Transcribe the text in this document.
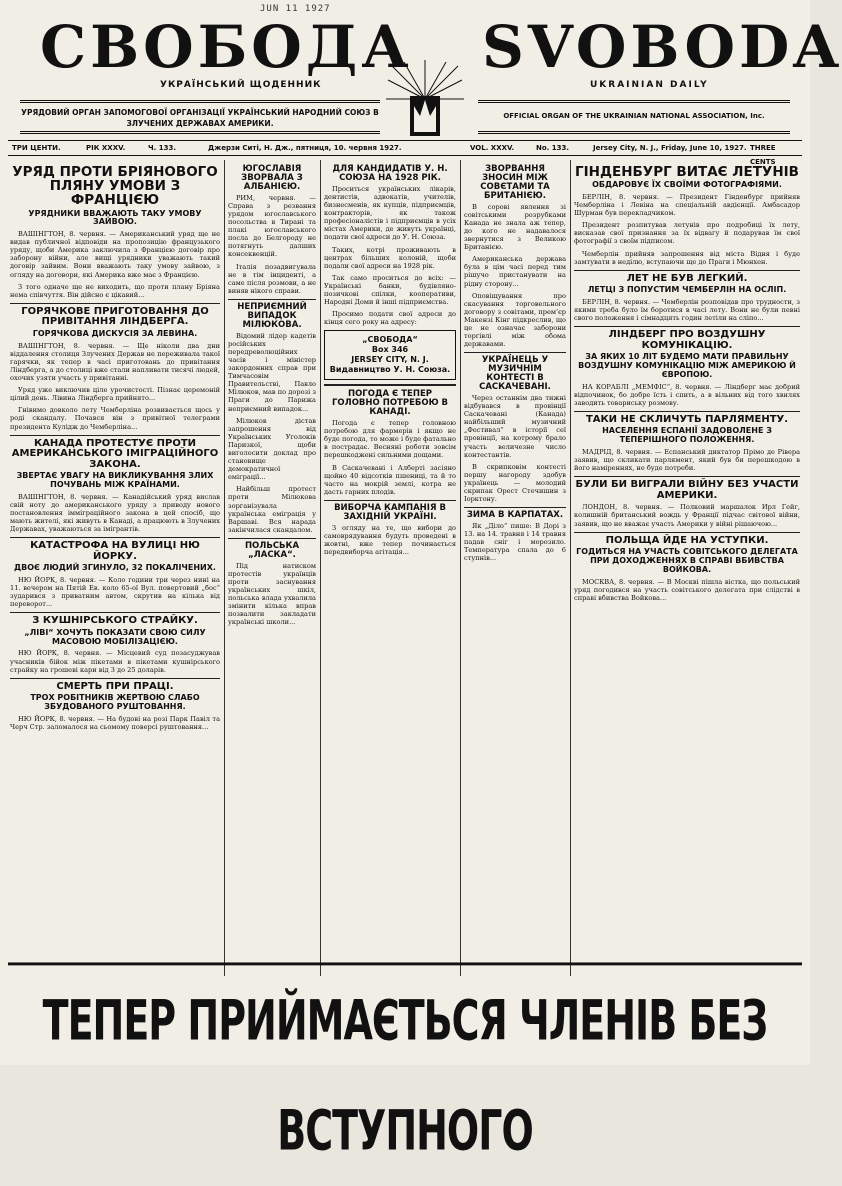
JUN 11 1927
СВОБОДА SVOBODA
УКРАЇНСЬКИЙ ЩОДЕННИК	UKRAINIAN DAILY
УРЯДОВИЙ ОРГАН ЗАПОМОГОВОЇ ОРГАНІЗАЦІЇ УКРАЇНСЬКИЙ НАРОДНИЙ СОЮЗ В ЗЛУЧЕНИХ ДЕРЖАВАХ АМЕРИКИ.
OFFICIAL ORGAN OF THE UKRAINIAN NATIONAL ASSOCIATION, Inc.
ТРИ ЦЕНТИ.	РІК XXXV.	Ч. 133.	Джерзи Ситі, Н. Дж., пятниця, 10. червня 1927.	VOL. XXXV.	No. 133.	Jersey City, N. J., Friday, June 10, 1927. THREE CENTS
УРЯД ПРОТИ БРІЯНОВОГО ПЛЯНУ УМОВИ З ФРАНЦІЄЮ
УРЯДНИКИ ВВАЖАЮТЬ ТАКУ УМОВУ ЗАЙВОЮ.

ВАШІНГТОН, 8. червня. — Американський уряд ще не видав публичної відповіди на пропозицію французького уряду, щоби Америка заключила з Францією договір про заборону війни, але вищі урядники уважають такий договір зайвим. Вони вважають таку умову зайвою, з огляду на договори, які Америка вже має з Францією.

З того одначе ще не виходить, що проти плану Бріяна нема співчуття. Він дійсно є цікавий...

ГОРЯЧКОВЕ ПРИГОТОВАННЯ ДО ПРИВІТАННЯ ЛІНДБЕРГА.
ГОРЯЧКОВА ДИСКУСІЯ ЗА ЛЕВИНА.

ВАШІНГТОН, 8. червня. — Ще ніколи два дни віддалення столиця Злучених Держав не переживала такої гарячки, як тепер в часі приготовань до привітання Ліндберга, а до столиці вже стали напливати тисячі людей, охочих узяти участь у привітанні.

Уряд уже виключив ціле урочистості. Пізнає церемоній цілий день. Лівина Ліндберга прийнято...

Гнівимо довколо лету Чемберліна розвивається щось у роді скандалу. Почався він з привітної телеграми президента Кулідж до Чемберліна...

КАНАДА ПРОТЕСТУЄ ПРОТИ АМЕРИКАНСЬКОГО ІМІГРАЦІЙНОГО ЗАКОНА.
ЗВЕРТАЄ УВАГУ НА ВИКЛИКУВАННЯ ЗЛИХ ПОЧУВАНЬ МІЖ КРАЇНАМИ.

ВАШІНГТОН, 8. червня. — Канадійський уряд вислав свій ноту до американського уряду з приводу нового постановлення імміграційного закона в цей спосіб, що мають жителі, які живуть в Канаді, а працюють в Злучених Державах, уважаються за імігрантів.

КАТАСТРОФА НА ВУЛИЦІ НЮ ЙОРКУ.
ДВОЄ ЛЮДИЙ ЗГИНУЛО, 32 ПОКАЛІЧЕНИХ.

НЮ ЙОРК, 8. червня. — Коло години три через нині на 11. вечером на Пятій Ев. коло 65-ої Вул. повертовий „бос“ зударився з приватним автом, скрутив на кілька від переворот...

З КУШНІРСЬКОГО СТРАЙКУ.
„ЛІВІ“ ХОЧУТЬ ПОКАЗАТИ СВОЮ СИЛУ МАСОВОЮ МОБІЛІЗАЦІЄЮ.

НЮ ЙОРК, 8. червня. — Місцевий суд позасуджував учасників бійок між пікетами в пікетами кушнірського страйку на грошеві кари від 3 до 25 доларів.

СМЕРТЬ ПРИ ПРАЦІ.
ТРОХ РОБІТНИКІВ ЖЕРТВОЮ СЛАБО ЗБУДОВАНОГО РУШТОВАННЯ.

НЮ ЙОРК, 8. червня. — На будові на розі Парк Павіл та Черч Стр. заломалося на сьомому поверсі руштовання...

ЮГОСЛАВІЯ ЗВОРВАЛА З АЛБАНІЄЮ.

РИМ, червня. — Справа з резвання урядом югославського посольства в Тирані та плакі югославського посла до Белгороду не потягнуть далших консеквенцій.

Італія позадвигувала не в тім інциденті, а саме після розмови, а не виняв нікого справи.

НЕПРИЄМНИЙ ВИПАДОК МІЛЮКОВА.

Відомий лідер кадетів російських передреволюційних часів і міністер закордонних справ при Тимчасовім Правительстві, Павло Мілюков, мав по дорозі з Праги до Парижа неприємний випадок...

Мілюков дістав запрошення від Українських Уголоків Паризкої, щоби виголосити доклад про становище демократичної еміграції...

Найбільш протест проти Мілюкова зорганізувала українська еміграція у Варшаві. Вся нарада закінчилася скандалом.

ПОЛЬСЬКА „ЛАСКА“.

Під натиском протестів українців проти заснування українських шкіл, польська влада ухвалила змінити кілька вправ позвалити закладати українські школи...

ДЛЯ КАНДИДАТІВ У. Н. СОЮЗА НА 1928 РІК.

Проситься українських лікарів, дентистів, адвокатів, учителів, бизнесменів, як купців, підприємців, контракторів, як також професіоналістів і підприємців в усіх містах Америки, де живуть українці, подати свої адреси до У. Н. Союза.

Таких, котрі проживають в центрах більших колоній, щоби подали свої адреси на 1928 рік.

Так само проситься до всіх: — Українські банки, будівляно-позичкові спілки, кооперативи, Народні Доми й інші підприємства.

Просимо подати свої адреси до кінця сего року на адресу:

„СВОБОДА“
Box 346
JERSEY CITY, N. J.
Видавництво У. Н. Союза.
ПОГОДА Є ТЕПЕР ГОЛОВНО ПОТРЕБОЮ В КАНАДІ.

Погода є тепер головною потребою для фармерів і якщо не буде погода, то може і буде фатально в пострадає. Весняні роботи зовсім перешкоджені сильними дощами.

В Саскачевані і Алберті засіяно щойно 40 відсотків пшениці, та й то часто на мокрій землі, котра не дасть гарних плодів.

ВИБОРЧА КАМПАНІЯ В ЗАХІДНІЙ УКРАЇНІ.

З огляду на те, що вибори до самоврядування будуть проведені в жовтні, вже тепер починається передвиборча агітація...

ЗВОРВАННЯ ЗНОСИН МІЖ СОВЄТАМИ ТА БРИТАНІЄЮ.

В сорові явлення зі совітськими розрубками Канада не знала аж тепер, до кого не надавалося звернутися з Великою Британією.

Американська держава була в цім часі перед тим рішучо пристанувати на рідну сторону...

Оповіщування про скасування торговельного договору з совітами, прем’єр Макензі Кінг підкреслив, що це не означає заборони торгівлі між обома державами.

УКРАЇНЕЦЬ У МУЗИЧНІМ КОНТЕСТІ В САСКАЧЕВАНІ.

Через останнім два тижні відбувався в провінції Саскачевані (Канада) найбільший музичний „Фестивал“ в історії сеї провінції, на котрому брало участь величезне число контестантів.

В скрипковім контесті першу нагороду здобув українець — молодий скрипак Орест Стечишин з Іорктону.

ЗИМА В КАРПАТАХ.

Як „Діло“ пише: В Дорі з 13. на 14. травня і 14 травня падав сніг і морозило. Температура спала до 6 ступнів...

ГІНДЕНБУРГ ВИТАЄ ЛЕТУНІВ
ОБДАРОВУЄ ЇХ СВОЇМИ ФОТОГРАФІЯМИ.

БЕРЛІН, 8. червня. — Президент Гінденбург прийняв Чемберліна і Левіна на спеціальній авдієнції. Амбасадор Шурман був перекладчиком.

Президент розпитував летунів про подробиці їх лету, висказав свої признання за їх відвагу й подарував їм свої фотографії з своїм підписом.

Чемберлін прийняв запрошення від міста Відня і буде замтувати в неділю, вступаючи ще до Праги і Мюнхен.

ЛЕТ НЕ БУВ ЛЕГКИЙ.
ЛЕТЦІ З ПОПУСТИМ ЧЕМБЕРЛІН НА ОСЛІП.

БЕРЛІН, 8. червня. — Чемберлін розповідав про трудности, з якими треба було їм боротися в часі лету. Вони не були певні свого положення і сімнадцять годин летіли на сліпо...

ЛІНДБЕРГ ПРО ВОЗДУШНУ КОМУНІКАЦІЮ.
ЗА ЯКИХ 10 ЛІТ БУДЕМО МАТИ ПРАВИЛЬНУ ВОЗДУШНУ КОМУНІКАЦІЮ МІЖ АМЕРИКОЮ Й ЄВРОПОЮ.

НА КОРАБЛІ „МЕМФІС“, 8. червня. — Ліндберг має добрий відпочинок, бо добре їсть і спить, а в вільних від того хвилях заводить товариську розмову.

ТАКИ НЕ СКЛИЧУТЬ ПАРЛЯМЕНТУ.
НАСЕЛЕННЯ ЕСПАНІЇ ЗАДОВОЛЕНЕ З ТЕПЕРІШНОГО ПОЛОЖЕННЯ.

МАДРІД, 8. червня. — Еспанський диктатор Прімо де Ріверa заявив, що скликати парлямент, який був би перешкодою в його наміреннях, не буде потреби.

БУЛИ БИ ВИГРАЛИ ВІЙНУ БЕЗ УЧАСТИ АМЕРИКИ.

ЛОНДОН, 8. червня. — Полковий маршалок Ирл Гейг, колишній британський вождь у Франції підчас світової війни, заявив, що не вважає участь Америки у війні рішаючою...

ПОЛЬЩА ЙДЕ НА УСТУПКИ.
ГОДИТЬСЯ НА УЧАСТЬ СОВІТСЬКОГО ДЕЛЕГАТА ПРИ ДОХОДЖЕННЯХ В СПРАВІ ВБИВСТВА ВОЙКОВА.

МОСКВА, 8. червня. — В Москві пішла вістка, що польський уряд погодився на участь совітського делегата при слідстві в справі вбивства Войкова...

ТЕПЕР ПРИЙМАЄТЬСЯ ЧЛЕНІВ БЕЗ ВСТУПНОГО
